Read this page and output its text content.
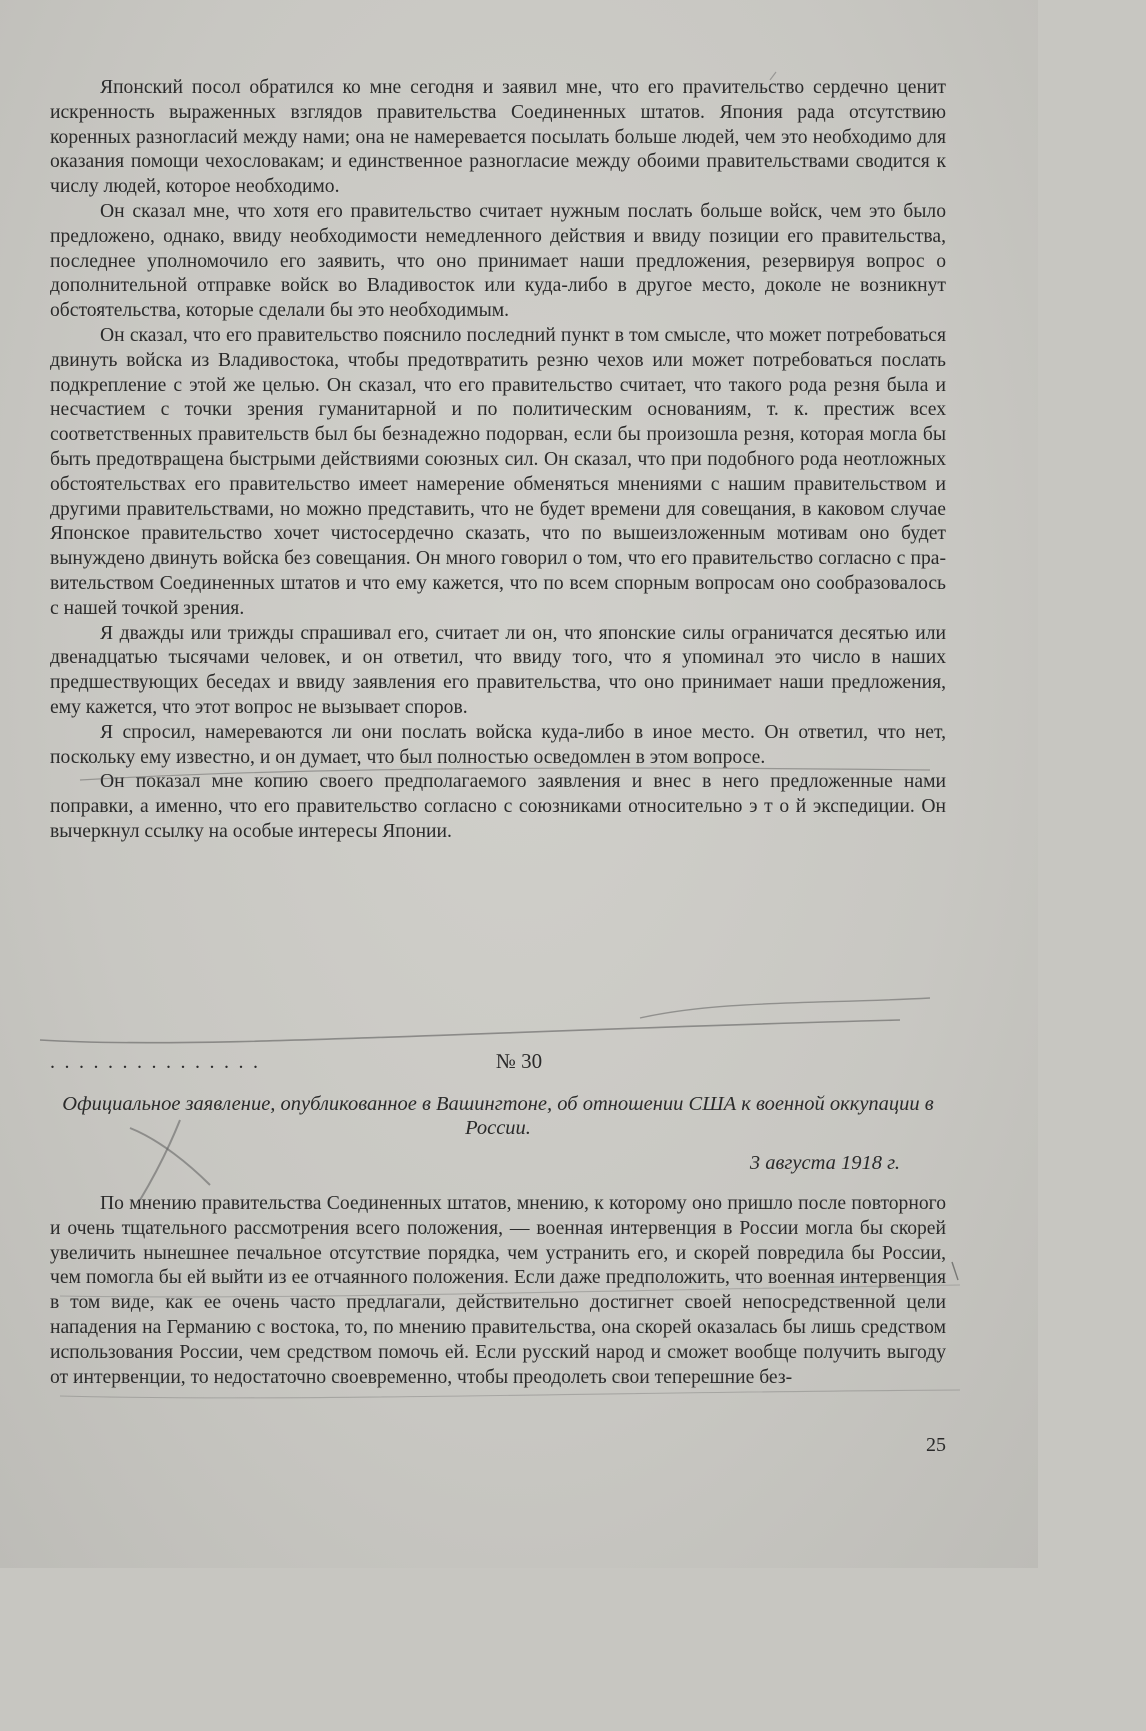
Японский посол обратился ко мне сегодня и заявил мне, что его праvительство сердечно ценит искренность выраженных взглядов правительства Соединенных штатов. Япония рада отсутствию коренных разногласий между нами; она не намеревается посылать больше людей, чем это необходимо для оказания помощи чехословакам; и единственное разногласие между обоими правительствами сводится к числу людей, которое необходимо.

Он сказал мне, что хотя его правительство считает нужным послать больше войск, чем это было предложено, однако, ввиду необходимости немедленного действия и ввиду позиции его правительства, последнее уполномочило его заявить, что оно принимает наши предложения, резервируя вопрос о дополнительной отправке войск во Владивосток или куда-либо в другое место, доколе не возникнут обстоятельства, которые сделали бы это необходимым.

Он сказал, что его правительство пояснило последний пункт в том смысле, что может потребоваться двинуть войска из Владивостока, чтобы предотвратить резню чехов или может потребоваться послать подкрепление с этой же целью. Он сказал, что его правительство считает, что такого рода резня была и несчастием с точки зрения гуманитарной и по политическим основаниям, т. к. престиж всех соответственных правительств был бы безнадежно подорван, если бы произошла резня, которая могла бы быть предотвращена быстрыми действиями союзных сил. Он сказал, что при подобного рода неотложных обстоятельствах его правительство имеет намерение обменяться мнениями с нашим правительством и другими правительствами, но можно представить, что не будет времени для совещания, в каковом случае Японское правительство хочет чистосердечно сказать, что по вышеизложенным мотивам оно будет вынуждено двинуть войска без совещания. Он много говорил о том, что его правительство согласно с правительством Соединенных штатов и что ему кажется, что по всем спорным вопросам оно сообразовалось с нашей точкой зрения.

Я дважды или трижды спрашивал его, считает ли он, что японские силы ограничатся десятью или двенадцатью тысячами человек, и он ответил, что ввиду того, что я упоминал это число в наших предшествующих беседах и ввиду заявления его правительства, что оно принимает наши предложения, ему кажется, что этот вопрос не вызывает споров.

Я спросил, намереваются ли они послать войска куда-либо в иное место. Он ответил, что нет, поскольку ему известно, и он думает, что был полностью осведомлен в этом вопросе.

Он показал мне копию своего предполагаемого заявления и внес в него предложенные нами поправки, а именно, что его правительство согласно с союзниками относительно э т о й экспедиции. Он вычеркнул ссылку на особые интересы Японии.

...............	№ 30
Официальное заявление, опубликованное в Вашингтоне, об отношении США к военной оккупации в России.
3 августа 1918 г.

По мнению правительства Соединенных штатов, мнению, к которому оно пришло после повторного и очень тщательного рассмотрения всего положения, — военная интервенция в России могла бы скорей увеличить нынешнее печальное отсутствие порядка, чем устранить его, и скорей повредила бы России, чем помогла бы ей выйти из ее отчаянного положения. Если даже предположить, что военная интервенция в том виде, как ее очень часто предлагали, действительно достигнет своей непосредственной цели нападения на Германию с востока, то, по мнению правительства, она скорей оказалась бы лишь средством использования России, чем средством помочь ей. Если русский народ и сможет вообще получить выгоду от интервенции, то недостаточно своевременно, чтобы преодолеть свои теперешние без-

25
